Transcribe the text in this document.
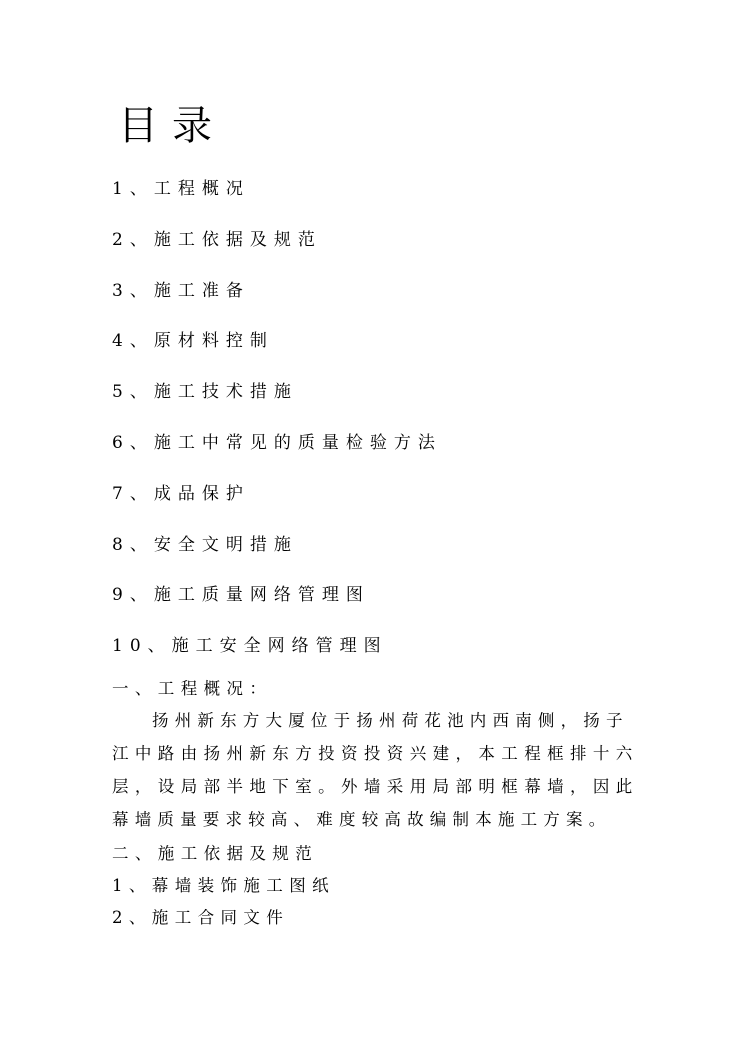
目录
1、工程概况
2、施工依据及规范
3、施工准备
4、原材料控制
5、施工技术措施
6、施工中常见的质量检验方法
7、成品保护
8、安全文明措施
9、施工质量网络管理图
10、施工安全网络管理图
一、工程概况：
扬州新东方大厦位于扬州荷花池内西南侧，扬子
江中路由扬州新东方投资投资兴建，本工程框排十六
层，设局部半地下室。外墙采用局部明框幕墙，因此
幕墙质量要求较高、难度较高故编制本施工方案。
二、施工依据及规范
1、幕墙装饰施工图纸
2、施工合同文件
